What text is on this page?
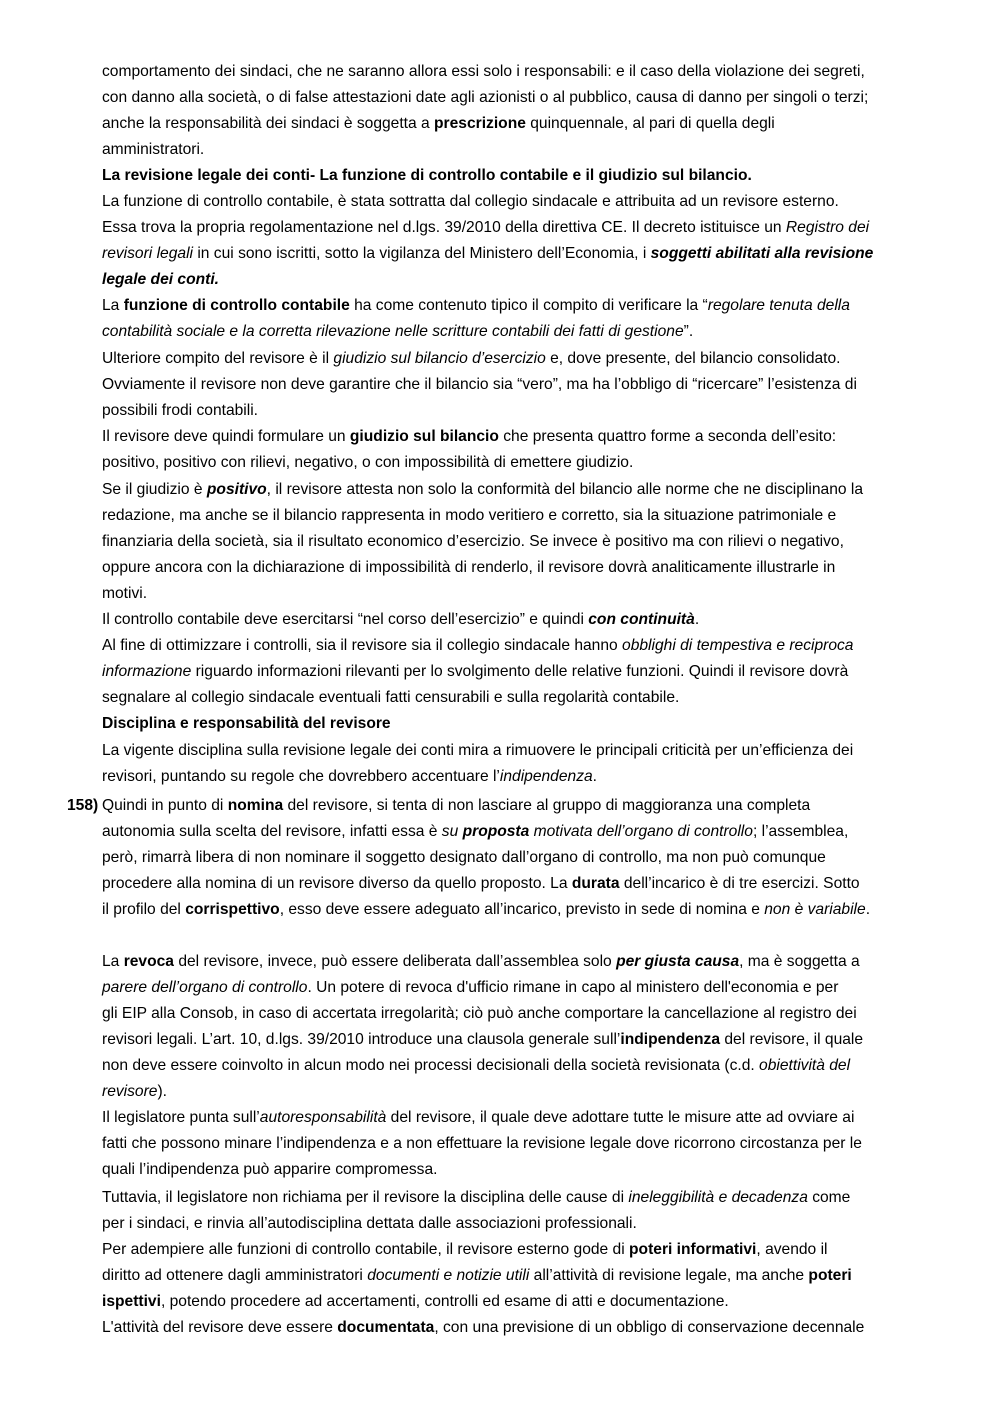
158)
comportamento dei sindaci, che ne saranno allora essi solo i responsabili: e il caso della violazione dei segreti,
con danno alla società, o di false attestazioni date agli azionisti o al pubblico, causa di danno per singoli o terzi;
anche la responsabilità dei sindaci è soggetta a prescrizione quinquennale, al pari di quella degli
amministratori.
La revisione legale dei conti- La funzione di controllo contabile e il giudizio sul bilancio.
La funzione di controllo contabile, è stata sottratta dal collegio sindacale e attribuita ad un revisore esterno.
Essa trova la propria regolamentazione nel d.lgs. 39/2010 della direttiva CE. Il decreto istituisce un Registro dei
revisori legali in cui sono iscritti, sotto la vigilanza del Ministero dell’Economia, i soggetti abilitati alla revisione
legale dei conti.
La funzione di controllo contabile ha come contenuto tipico il compito di verificare la “regolare tenuta della
contabilità sociale e la corretta rilevazione nelle scritture contabili dei fatti di gestione”.
Ulteriore compito del revisore è il giudizio sul bilancio d’esercizio e, dove presente, del bilancio consolidato.
Ovviamente il revisore non deve garantire che il bilancio sia “vero”, ma ha l’obbligo di “ricercare” l’esistenza di
possibili frodi contabili.
Il revisore deve quindi formulare un giudizio sul bilancio che presenta quattro forme a seconda dell’esito:
positivo, positivo con rilievi, negativo, o con impossibilità di emettere giudizio.
Se il giudizio è positivo, il revisore attesta non solo la conformità del bilancio alle norme che ne disciplinano la
redazione, ma anche se il bilancio rappresenta in modo veritiero e corretto, sia la situazione patrimoniale e
finanziaria della società, sia il risultato economico d’esercizio. Se invece è positivo ma con rilievi o negativo,
oppure ancora con la dichiarazione di impossibilità di renderlo, il revisore dovrà analiticamente illustrarle in
motivi.
Il controllo contabile deve esercitarsi “nel corso dell’esercizio” e quindi con continuità.
Al fine di ottimizzare i controlli, sia il revisore sia il collegio sindacale hanno obblighi di tempestiva e reciproca
informazione riguardo informazioni rilevanti per lo svolgimento delle relative funzioni. Quindi il revisore dovrà
segnalare al collegio sindacale eventuali fatti censurabili e sulla regolarità contabile.
Disciplina e responsabilità del revisore
La vigente disciplina sulla revisione legale dei conti mira a rimuovere le principali criticità per un’efficienza dei
revisori, puntando su regole che dovrebbero accentuare l’indipendenza.
Quindi in punto di nomina del revisore, si tenta di non lasciare al gruppo di maggioranza una completa
autonomia sulla scelta del revisore, infatti essa è su proposta motivata dell’organo di controllo; l’assemblea,
però, rimarrà libera di non nominare il soggetto designato dall’organo di controllo, ma non può comunque
procedere alla nomina di un revisore diverso da quello proposto. La durata dell’incarico è di tre esercizi. Sotto
il profilo del corrispettivo, esso deve essere adeguato all’incarico, previsto in sede di nomina e non è variabile.
La revoca del revisore, invece, può essere deliberata dall’assemblea solo per giusta causa, ma è soggetta a
parere dell’organo di controllo. Un potere di revoca d'ufficio rimane in capo al ministero dell'economia e per
gli EIP alla Consob, in caso di accertata irregolarità; ciò può anche comportare la cancellazione al registro dei
revisori legali. L’art. 10, d.lgs. 39/2010 introduce una clausola generale sull’indipendenza del revisore, il quale
non deve essere coinvolto in alcun modo nei processi decisionali della società revisionata (c.d. obiettività del
revisore).
Il legislatore punta sull’autoresponsabilità del revisore, il quale deve adottare tutte le misure atte ad ovviare ai
fatti che possono minare l’indipendenza e a non effettuare la revisione legale dove ricorrono circostanza per le
quali l’indipendenza può apparire compromessa.
Tuttavia, il legislatore non richiama per il revisore la disciplina delle cause di ineleggibilità e decadenza come
per i sindaci, e rinvia all’autodisciplina dettata dalle associazioni professionali.
Per adempiere alle funzioni di controllo contabile, il revisore esterno gode di poteri informativi, avendo il
diritto ad ottenere dagli amministratori documenti e notizie utili all’attività di revisione legale, ma anche poteri
ispettivi, potendo procedere ad accertamenti, controlli ed esame di atti e documentazione.
L'attività del revisore deve essere documentata, con una previsione di un obbligo di conservazione decennale
